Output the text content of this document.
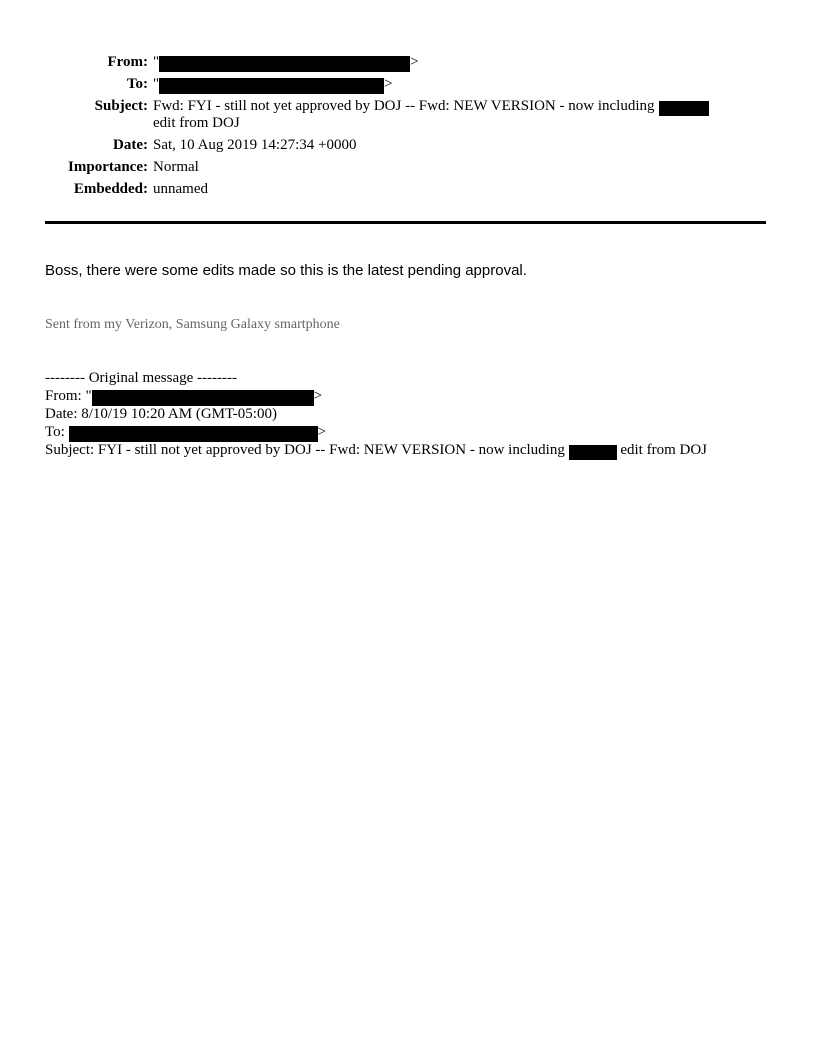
From: "	>
To: "	>
Subject: Fwd: FYI - still not yet approved by DOJ -- Fwd: NEW VERSION - now including
edit from DOJ
Date: Sat, 10 Aug 2019 14:27:34 +0000
Importance: Normal
Embedded: unnamed
Boss, there were some edits made so this is the latest pending approval.
Sent from my Verizon, Samsung Galaxy smartphone
-------- Original message --------
From: "	>
Date: 8/10/19 10:20 AM (GMT-05:00)
To:	>
Subject: FYI - still not yet approved by DOJ -- Fwd: NEW VERSION - now including	edit from DOJ
